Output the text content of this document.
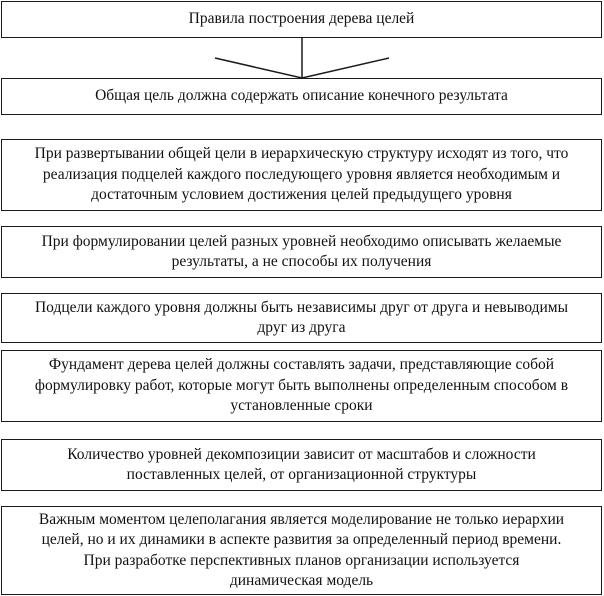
Правила построения дерева целей
Общая цель должна содержать описание конечного результата
При развертывании общей цели в иерархическую структуру исходят из того, что
реализация подцелей каждого последующего уровня является необходимым и
достаточным условием достижения целей предыдущего уровня
При формулировании целей разных уровней необходимо описывать желаемые
результаты, а не способы их получения
Подцели каждого уровня должны быть независимы друг от друга и невыводимы
друг из друга
Фундамент дерева целей должны составлять задачи, представляющие собой
формулировку работ, которые могут быть выполнены определенным способом в
установленные сроки
Количество уровней декомпозиции зависит от масштабов и сложности
поставленных целей, от организационной структуры
Важным моментом целеполагания является моделирование не только иерархии
целей, но и их динамики в аспекте развития за определенный период времени.
При разработке перспективных планов организации используется
динамическая модель
